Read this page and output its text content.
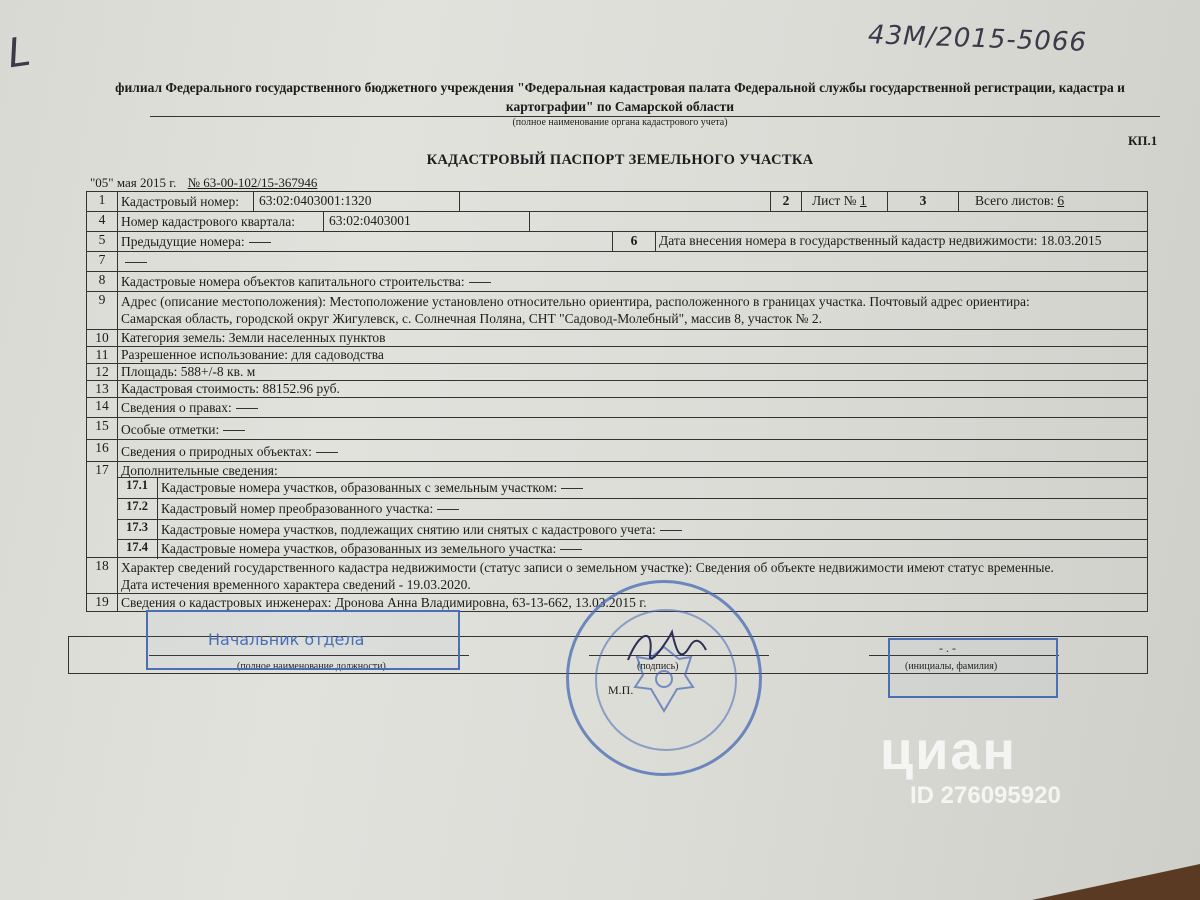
L	43M/2015-5066
филиал Федерального государственного бюджетного учреждения "Федеральная кадастровая палата Федеральной службы государственной регистрации, кадастра и картографии" по Самарской области
(полное наименование органа кадастрового учета)
КП.1
КАДАСТРОВЫЙ ПАСПОРТ ЗЕМЕЛЬНОГО УЧАСТКА
"05" мая 2015 г. № 63-00-102/15-367946
1	Кадастровый номер:	63:02:0403001:1320	2	Лист № 1	3	Всего листов: 6
4	Номер кадастрового квартала:	63:02:0403001
5	Предыдущие номера:	6	Дата внесения номера в государственный кадастр недвижимости: 18.03.2015
7
8	Кадастровые номера объектов капитального строительства:
9	Адрес (описание местоположения): Местоположение установлено относительно ориентира, расположенного в границах участка. Почтовый адрес ориентира:
Самарская область, городской округ Жигулевск, с. Солнечная Поляна, СНТ "Садовод-Молебный", массив 8, участок № 2.
10 Категория земель: Земли населенных пунктов
11 Разрешенное использование: для садоводства
12 Площадь: 588+/-8 кв. м
13 Кадастровая стоимость: 88152.96 руб.
14 Сведения о правах:
15 Особые отметки:
16 Сведения о природных объектах:
17 Дополнительные сведения:
17.1 Кадастровые номера участков, образованных с земельным участком:
17.2 Кадастровый номер преобразованного участка:
17.3 Кадастровые номера участков, подлежащих снятию или снятых с кадастрового учета:
17.4 Кадастровые номера участков, образованных из земельного участка:
18 Характер сведений государственного кадастра недвижимости (статус записи о земельном участке): Сведения об объекте недвижимости имеют статус временные.
Дата истечения временного характера сведений - 19.03.2020.
19 Сведения о кадастровых инженерах: Дронова Анна Владимировна, 63-13-662, 13.03.2015 г.
(полное наименование должности)	(подпись)
- . -
(инициалы, фамилия)
Начальник отдела
М.П.
циан
ID 276095920
